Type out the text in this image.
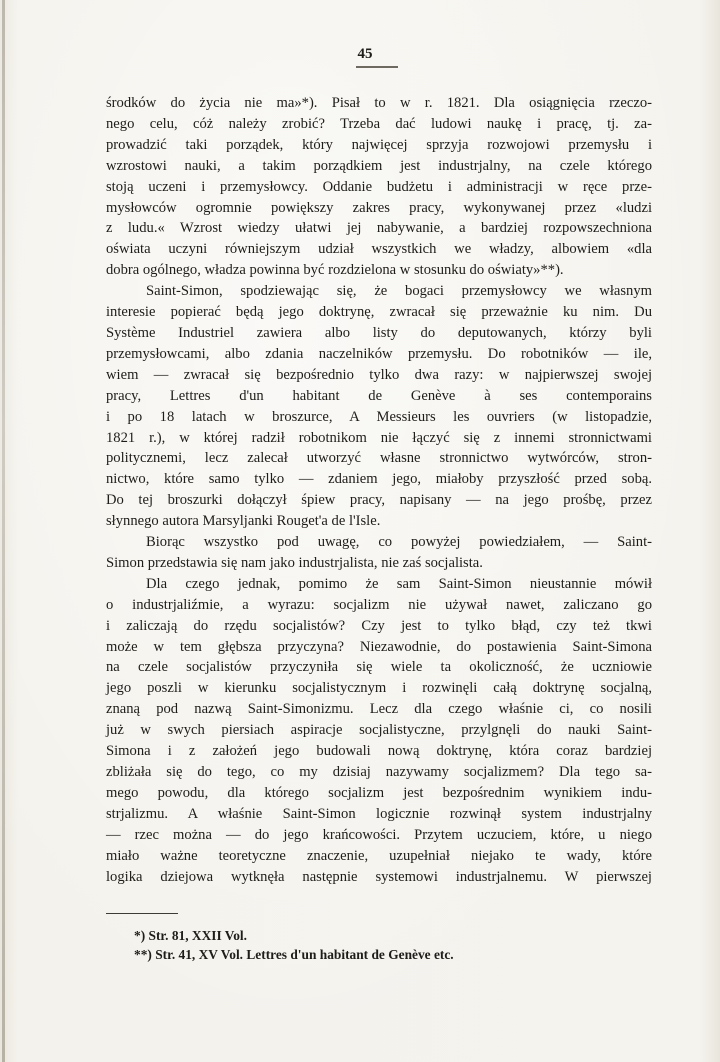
45

środków do życia nie ma»*). Pisał to w r. 1821. Dla osiągnięcia rzeczo-
nego celu, cóż należy zrobić? Trzeba dać ludowi naukę i pracę, tj. za-
prowadzić taki porządek, który najwięcej sprzyja rozwojowi przemysłu i
wzrostowi nauki, a takim porządkiem jest industrjalny, na czele którego
stoją uczeni i przemysłowcy. Oddanie budżetu i administracji w ręce prze-
mysłowców ogromnie powiększy zakres pracy, wykonywanej przez «ludzi
z ludu.« Wzrost wiedzy ułatwi jej nabywanie, a bardziej rozpowszechniona
oświata uczyni równiejszym udział wszystkich we władzy, albowiem «dla
dobra ogólnego, władza powinna być rozdzielona w stosunku do oświaty»**).

Saint-Simon, spodziewając się, że bogaci przemysłowcy we własnym
interesie popierać będą jego doktrynę, zwracał się przeważnie ku nim. Du
Système Industriel zawiera albo listy do deputowanych, którzy byli
przemysłowcami, albo zdania naczelników przemysłu. Do robotników — ile,
wiem — zwracał się bezpośrednio tylko dwa razy: w najpierwszej swojej
pracy, Lettres d'un habitant de Genève à ses contemporains
i po 18 latach w broszurce, A Messieurs les ouvriers (w listopadzie,
1821 r.), w której radził robotnikom nie łączyć się z innemi stronnictwami
politycznemi, lecz zalecał utworzyć własne stronnictwo wytwórców, stron-
nictwo, które samo tylko — zdaniem jego, miałoby przyszłość przed sobą.
Do tej broszurki dołączył śpiew pracy, napisany — na jego prośbę, przez
słynnego autora Marsyljanki Rouget'a de l'Isle.

Biorąc wszystko pod uwagę, co powyżej powiedziałem, — Saint-
Simon przedstawia się nam jako industrjalista, nie zaś socjalista.

Dla czego jednak, pomimo że sam Saint-Simon nieustannie mówił
o industrjaliźmie, a wyrazu: socjalizm nie używał nawet, zaliczano go
i zaliczają do rzędu socjalistów? Czy jest to tylko błąd, czy też tkwi
może w tem głębsza przyczyna? Niezawodnie, do postawienia Saint-Simona
na czele socjalistów przyczyniła się wiele ta okoliczność, że uczniowie
jego poszli w kierunku socjalistycznym i rozwinęli całą doktrynę socjalną,
znaną pod nazwą Saint-Simonizmu. Lecz dla czego właśnie ci, co nosili
już w swych piersiach aspiracje socjalistyczne, przylgnęli do nauki Saint-
Simona i z założeń jego budowali nową doktrynę, która coraz bardziej
zbliżała się do tego, co my dzisiaj nazywamy socjalizmem? Dla tego sa-
mego powodu, dla którego socjalizm jest bezpośrednim wynikiem indu-
strjalizmu. A właśnie Saint-Simon logicznie rozwinął system industrjalny
— rzec można — do jego krańcowości. Przytem uczuciem, które, u niego
miało ważne teoretyczne znaczenie, uzupełniał niejako te wady, które
logika dziejowa wytknęła następnie systemowi industrjalnemu. W pierwszej

*) Str. 81, XXII Vol.
**) Str. 41, XV Vol. Lettres d'un habitant de Genève etc.
